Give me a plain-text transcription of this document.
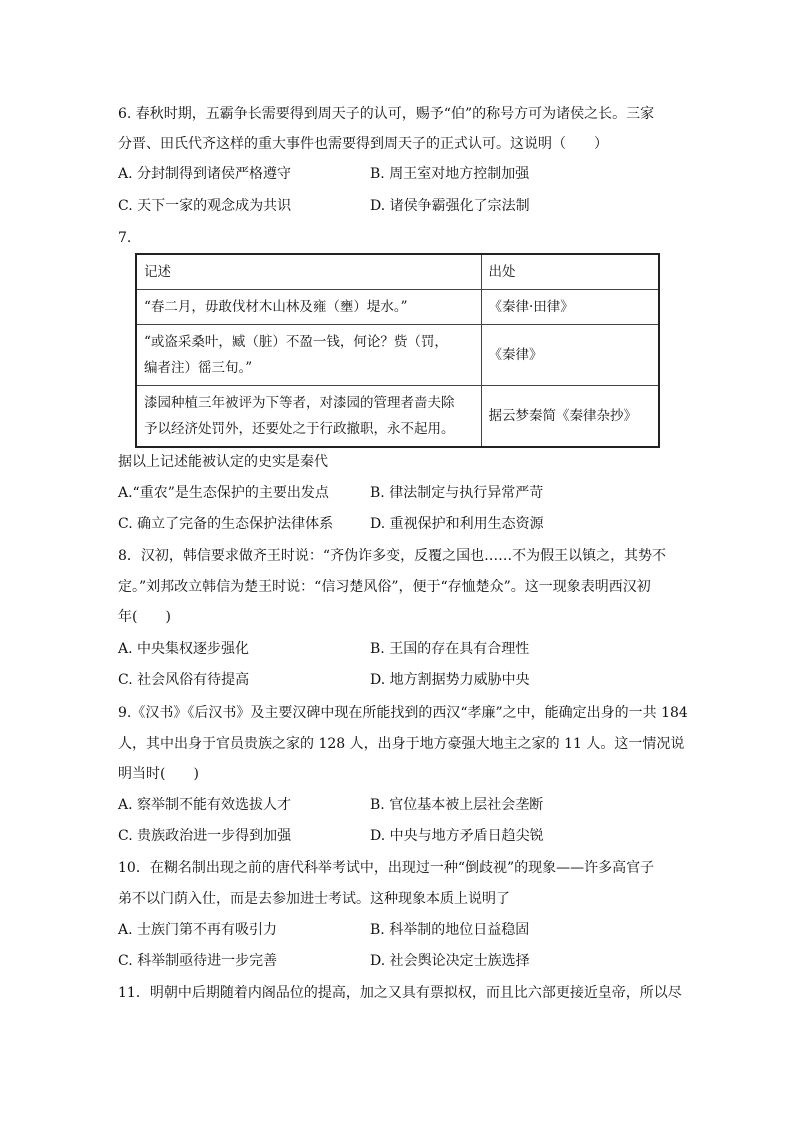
6. 春秋时期，五霸争长需要得到周天子的认可，赐予“伯”的称号方可为诸侯之长。三家
分晋、田氏代齐这样的重大事件也需要得到周天子的正式认可。这说明（　　）
A. 分封制得到诸侯严格遵守	B. 周王室对地方控制加强
C. 天下一家的观念成为共识	D. 诸侯争霸强化了宗法制
7.
记述	出处
“春二月，毋敢伐材木山林及雍（壅）堤水。”	《秦律·田律》
“或盗采桑叶，臧（脏）不盈一钱，何论？赀（罚，
编者注）徭三旬。”	《秦律》
漆园种植三年被评为下等者，对漆园的管理者啬夫除
予以经济处罚外，还要处之于行政撤职，永不起用。	据云梦秦简《秦律杂抄》
据以上记述能被认定的史实是秦代
A.“重农”是生态保护的主要出发点	B. 律法制定与执行异常严苛
C. 确立了完备的生态保护法律体系	D. 重视保护和利用生态资源
8．汉初，韩信要求做齐王时说：“齐伪诈多变，反覆之国也……不为假王以镇之，其势不
定。”刘邦改立韩信为楚王时说：“信习楚风俗”，便于“存恤楚众”。这一现象表明西汉初
年(　　)
A. 中央集权逐步强化	B. 王国的存在具有合理性
C. 社会风俗有待提高	D. 地方割据势力威胁中央
9.《汉书》《后汉书》及主要汉碑中现在所能找到的西汉“孝廉”之中，能确定出身的一共 184
人，其中出身于官员贵族之家的 128 人，出身于地方豪强大地主之家的 11 人。这一情况说
明当时(　　)
A. 察举制不能有效选拔人才	B. 官位基本被上层社会垄断
C. 贵族政治进一步得到加强	D. 中央与地方矛盾日趋尖锐
10．在糊名制出现之前的唐代科举考试中，出现过一种“倒歧视”的现象——许多高官子
弟不以门荫入仕，而是去参加进士考试。这种现象本质上说明了
A. 士族门第不再有吸引力	B. 科举制的地位日益稳固
C. 科举制亟待进一步完善	D. 社会舆论决定士族选择
11．明朝中后期随着内阁品位的提高，加之又具有票拟权，而且比六部更接近皇帝，所以尽
